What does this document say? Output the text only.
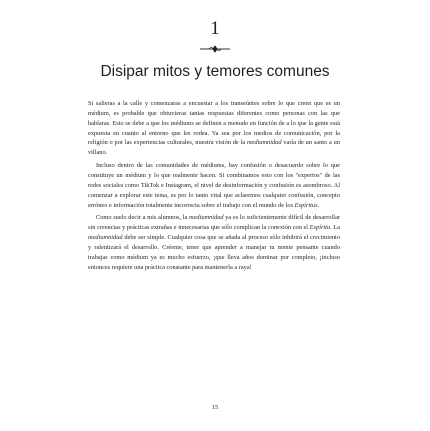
1
Disipar mitos y temores comunes

Si salieras a la calle y comenzaras a encuestar a los transeúntes sobre lo que creen que es un médium, es probable que obtuvieras tantas respuestas diferentes como personas con las que hablaras. Esto se debe a que los médiums se definen a menudo en función de a lo que la gente está expuesta en cuanto al entorno que les rodea. Ya sea por los medios de comunicación, por la religión o por las experiencias culturales, nuestra visión de la mediumnidad varía de un santo a un villano.

Incluso dentro de las comunidades de médiums, hay confusión o desacuerdo sobre lo que constituye un médium y lo que realmente hacen. Si combinamos esto con los "expertos" de las redes sociales como TikTok e Instagram, el nivel de desinformación y confusión es asombroso. Al comenzar a explorar este tema, es por lo tanto vital que aclaremos cualquier confusión, concepto erróneo e información totalmente incorrecta sobre el trabajo con el mundo de los Espíritus.

Como suelo decir a mis alumnos, la mediumnidad ya es lo suficientemente difícil de desarrollar sin creencias y prácticas extrañas e innecesarias que sólo complican la conexión con el Espíritu. La mediumnidad debe ser simple. Cualquier cosa que se añada al proceso sólo inhibirá el crecimiento y ralentizará el desarrollo. Créeme, tener que aprender a manejar tu mente pensante cuando trabajas como médium ya es mucho esfuerzo, ¡que lleva años dominar por completo, ¡incluso entonces requiere una práctica constante para mantenerla a raya!

15
